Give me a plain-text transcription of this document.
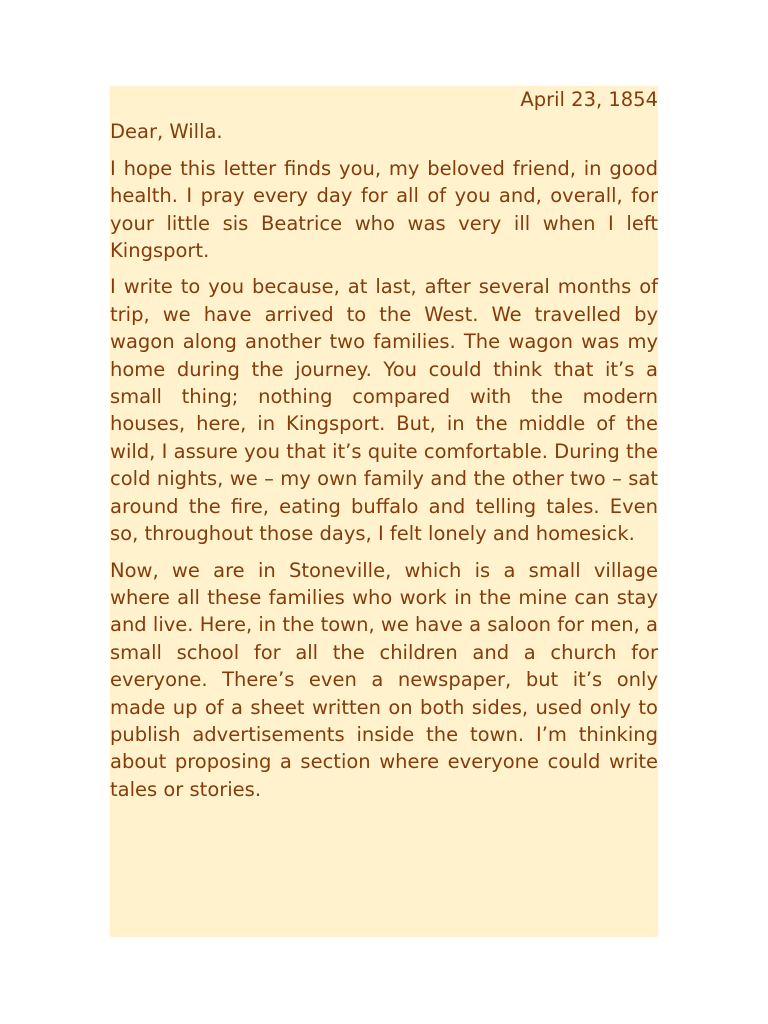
April 23, 1854

Dear, Willa.

I hope this letter finds you, my beloved friend, in good health. I pray every day for all of you and, overall, for your little sis Beatrice who was very ill when I left Kingsport.

I write to you because, at last, after several months of trip, we have arrived to the West. We travelled by wagon along another two families. The wagon was my home during the journey. You could think that it’s a small thing; nothing compared with the modern houses, here, in Kingsport. But, in the middle of the wild, I assure you that it’s quite comfortable. During the cold nights, we – my own family and the other two – sat around the fire, eating buffalo and telling tales. Even so, throughout those days, I felt lonely and homesick.

Now, we are in Stoneville, which is a small village where all these families who work in the mine can stay and live. Here, in the town, we have a saloon for men, a small school for all the children and a church for everyone. There’s even a newspaper, but it’s only made up of a sheet written on both sides, used only to publish advertisements inside the town. I’m thinking about proposing a section where everyone could write tales or stories.
